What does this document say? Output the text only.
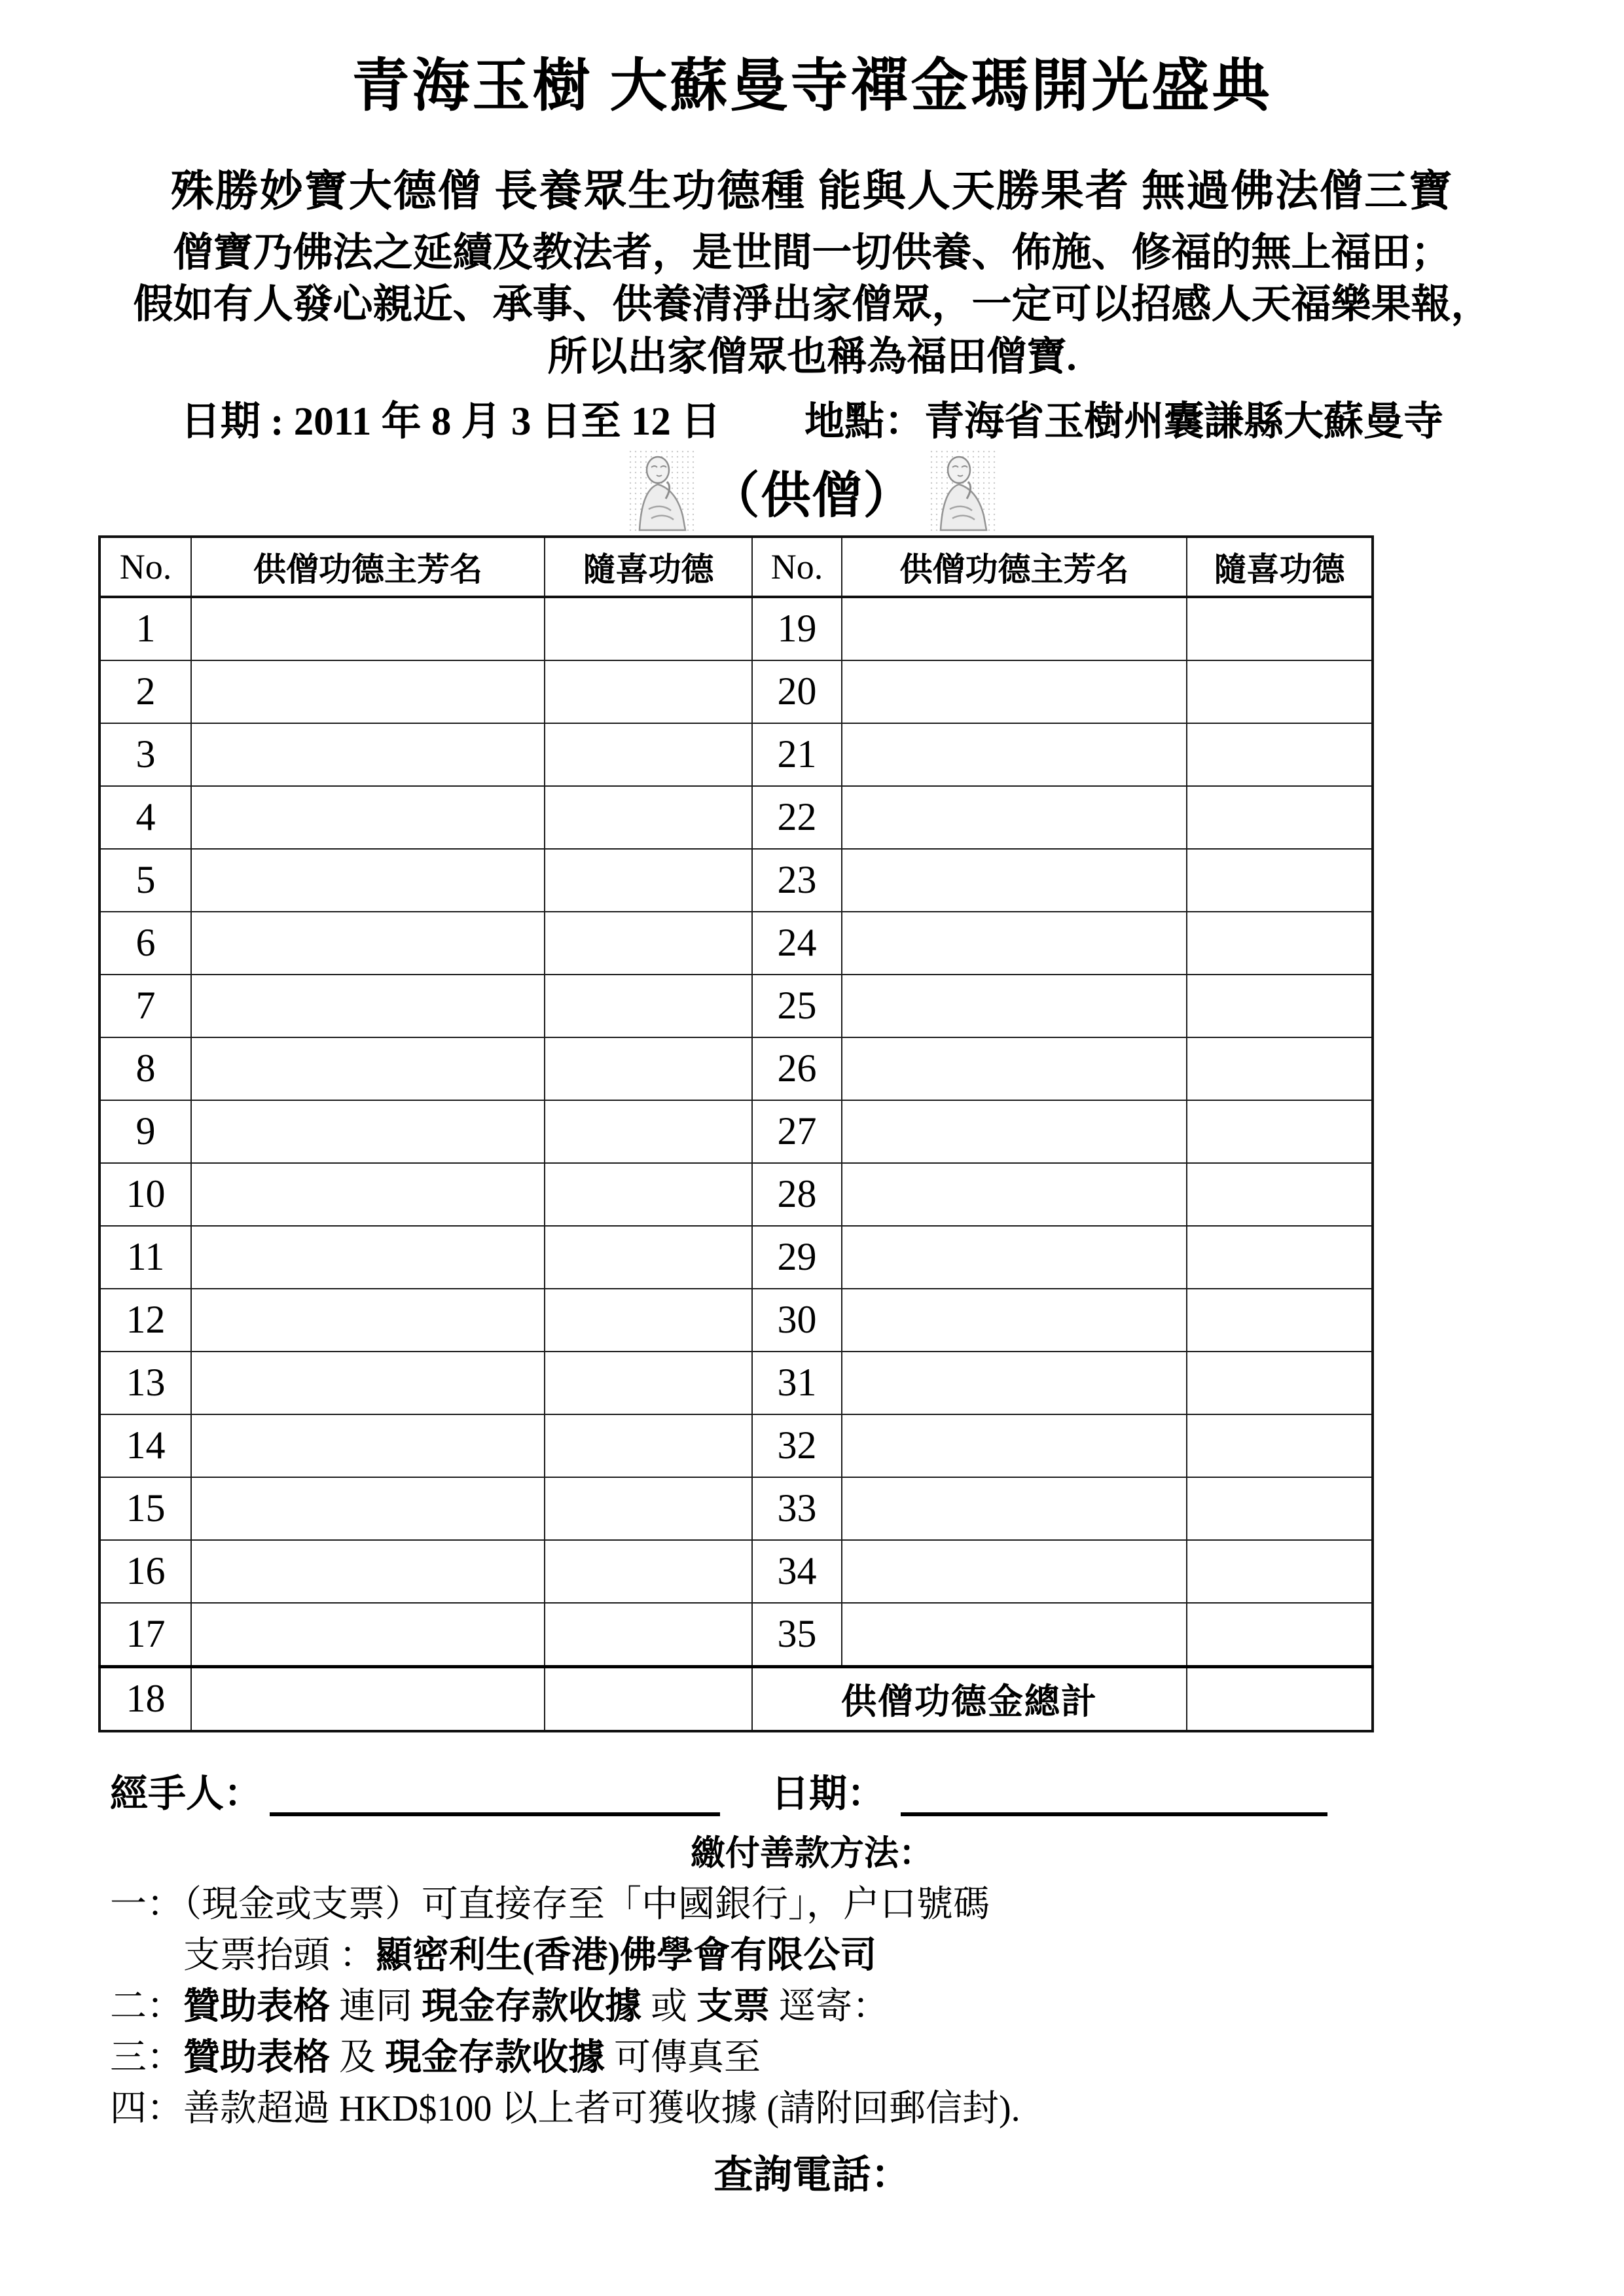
青海玉樹 大蘇曼寺禪金瑪開光盛典
殊勝妙寶大德僧 長養眾生功德種 能與人天勝果者 無過佛法僧三寶
僧寶乃佛法之延續及教法者，是世間一切供養、佈施、修福的無上福田；
假如有人發心親近、承事、供養清淨出家僧眾，一定可以招感人天福樂果報，
所以出家僧眾也稱為福田僧寶.
日期 : 2011 年 8 月 3 日至 12 日 地點：青海省玉樹州囊謙縣大蘇曼寺
（供僧）
No.	供僧功德主芳名	隨喜功德	No.	供僧功德主芳名	隨喜功德
1			19		
2			20		
3			21		
4			22		
5			23		
6			24		
7			25		
8			26		
9			27		
10			28		
11			29		
12			30		
13			31		
14			32		
15			33		
16			34		
17			35		
18			供僧功德金總計		
經手人：	日期：
繳付善款方法：
一：（現金或支票）可直接存至「中國銀行」，户口號碼
支票抬頭 ：顯密利生(香港)佛學會有限公司
二：贊助表格 連同 現金存款收據 或 支票 逕寄：
三：贊助表格 及 現金存款收據 可傳真至
四：善款超過 HKD$100 以上者可獲收據 (請附回郵信封).
查詢電話：
